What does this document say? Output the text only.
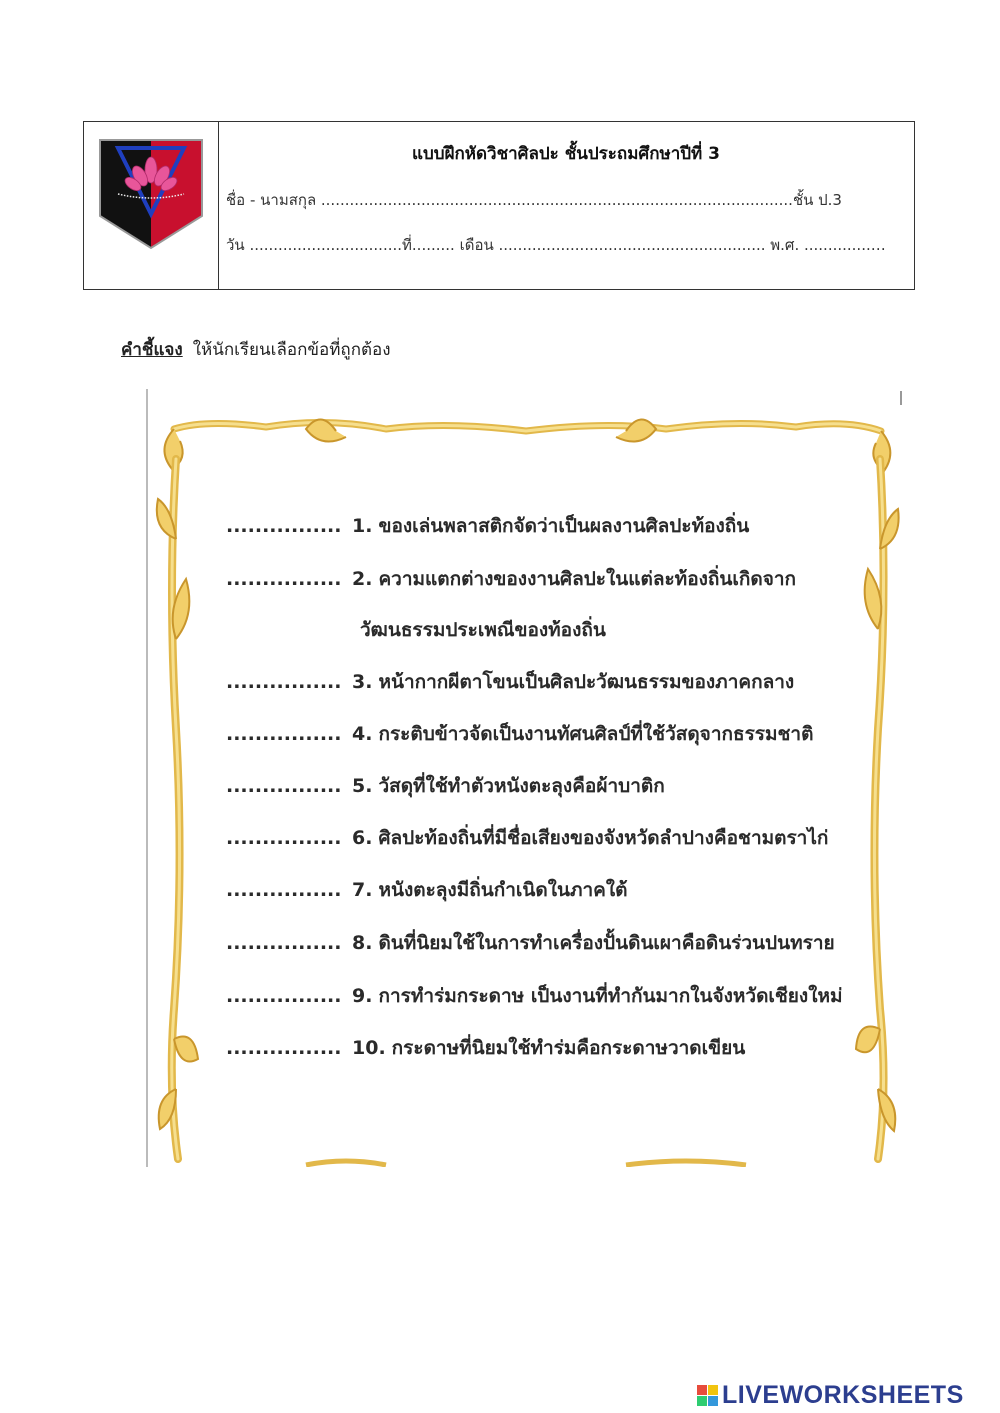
แบบฝึกหัดวิชาศิลปะ ชั้นประถมศึกษาปีที่ 3
ชื่อ - นามสกุล ...................................................................................................ชั้น ป.3
วัน ................................ที่......... เดือน ........................................................ พ.ศ. ..............…
คำชี้แจง ให้นักเรียนเลือกข้อที่ถูกต้อง
................ 1. ของเล่นพลาสติกจัดว่าเป็นผลงานศิลปะท้องถิ่น
................ 2. ความแตกต่างของงานศิลปะในแต่ละท้องถิ่นเกิดจาก
วัฒนธรรมประเพณีของท้องถิ่น
................ 3. หน้ากากผีตาโขนเป็นศิลปะวัฒนธรรมของภาคกลาง
................ 4. กระติบข้าวจัดเป็นงานทัศนศิลป์ที่ใช้วัสดุจากธรรมชาติ
................ 5. วัสดุที่ใช้ทำตัวหนังตะลุงคือผ้าบาติก
................ 6. ศิลปะท้องถิ่นที่มีชื่อเสียงของจังหวัดลำปางคือชามตราไก่
................ 7. หนังตะลุงมีถิ่นกำเนิดในภาคใต้
................ 8. ดินที่นิยมใช้ในการทำเครื่องปั้นดินเผาคือดินร่วนปนทราย
................ 9. การทำร่มกระดาษ เป็นงานที่ทำกันมากในจังหวัดเชียงใหม่
................ 10. กระดาษที่นิยมใช้ทำร่มคือกระดาษวาดเขียน
LIVEWORKSHEETS
